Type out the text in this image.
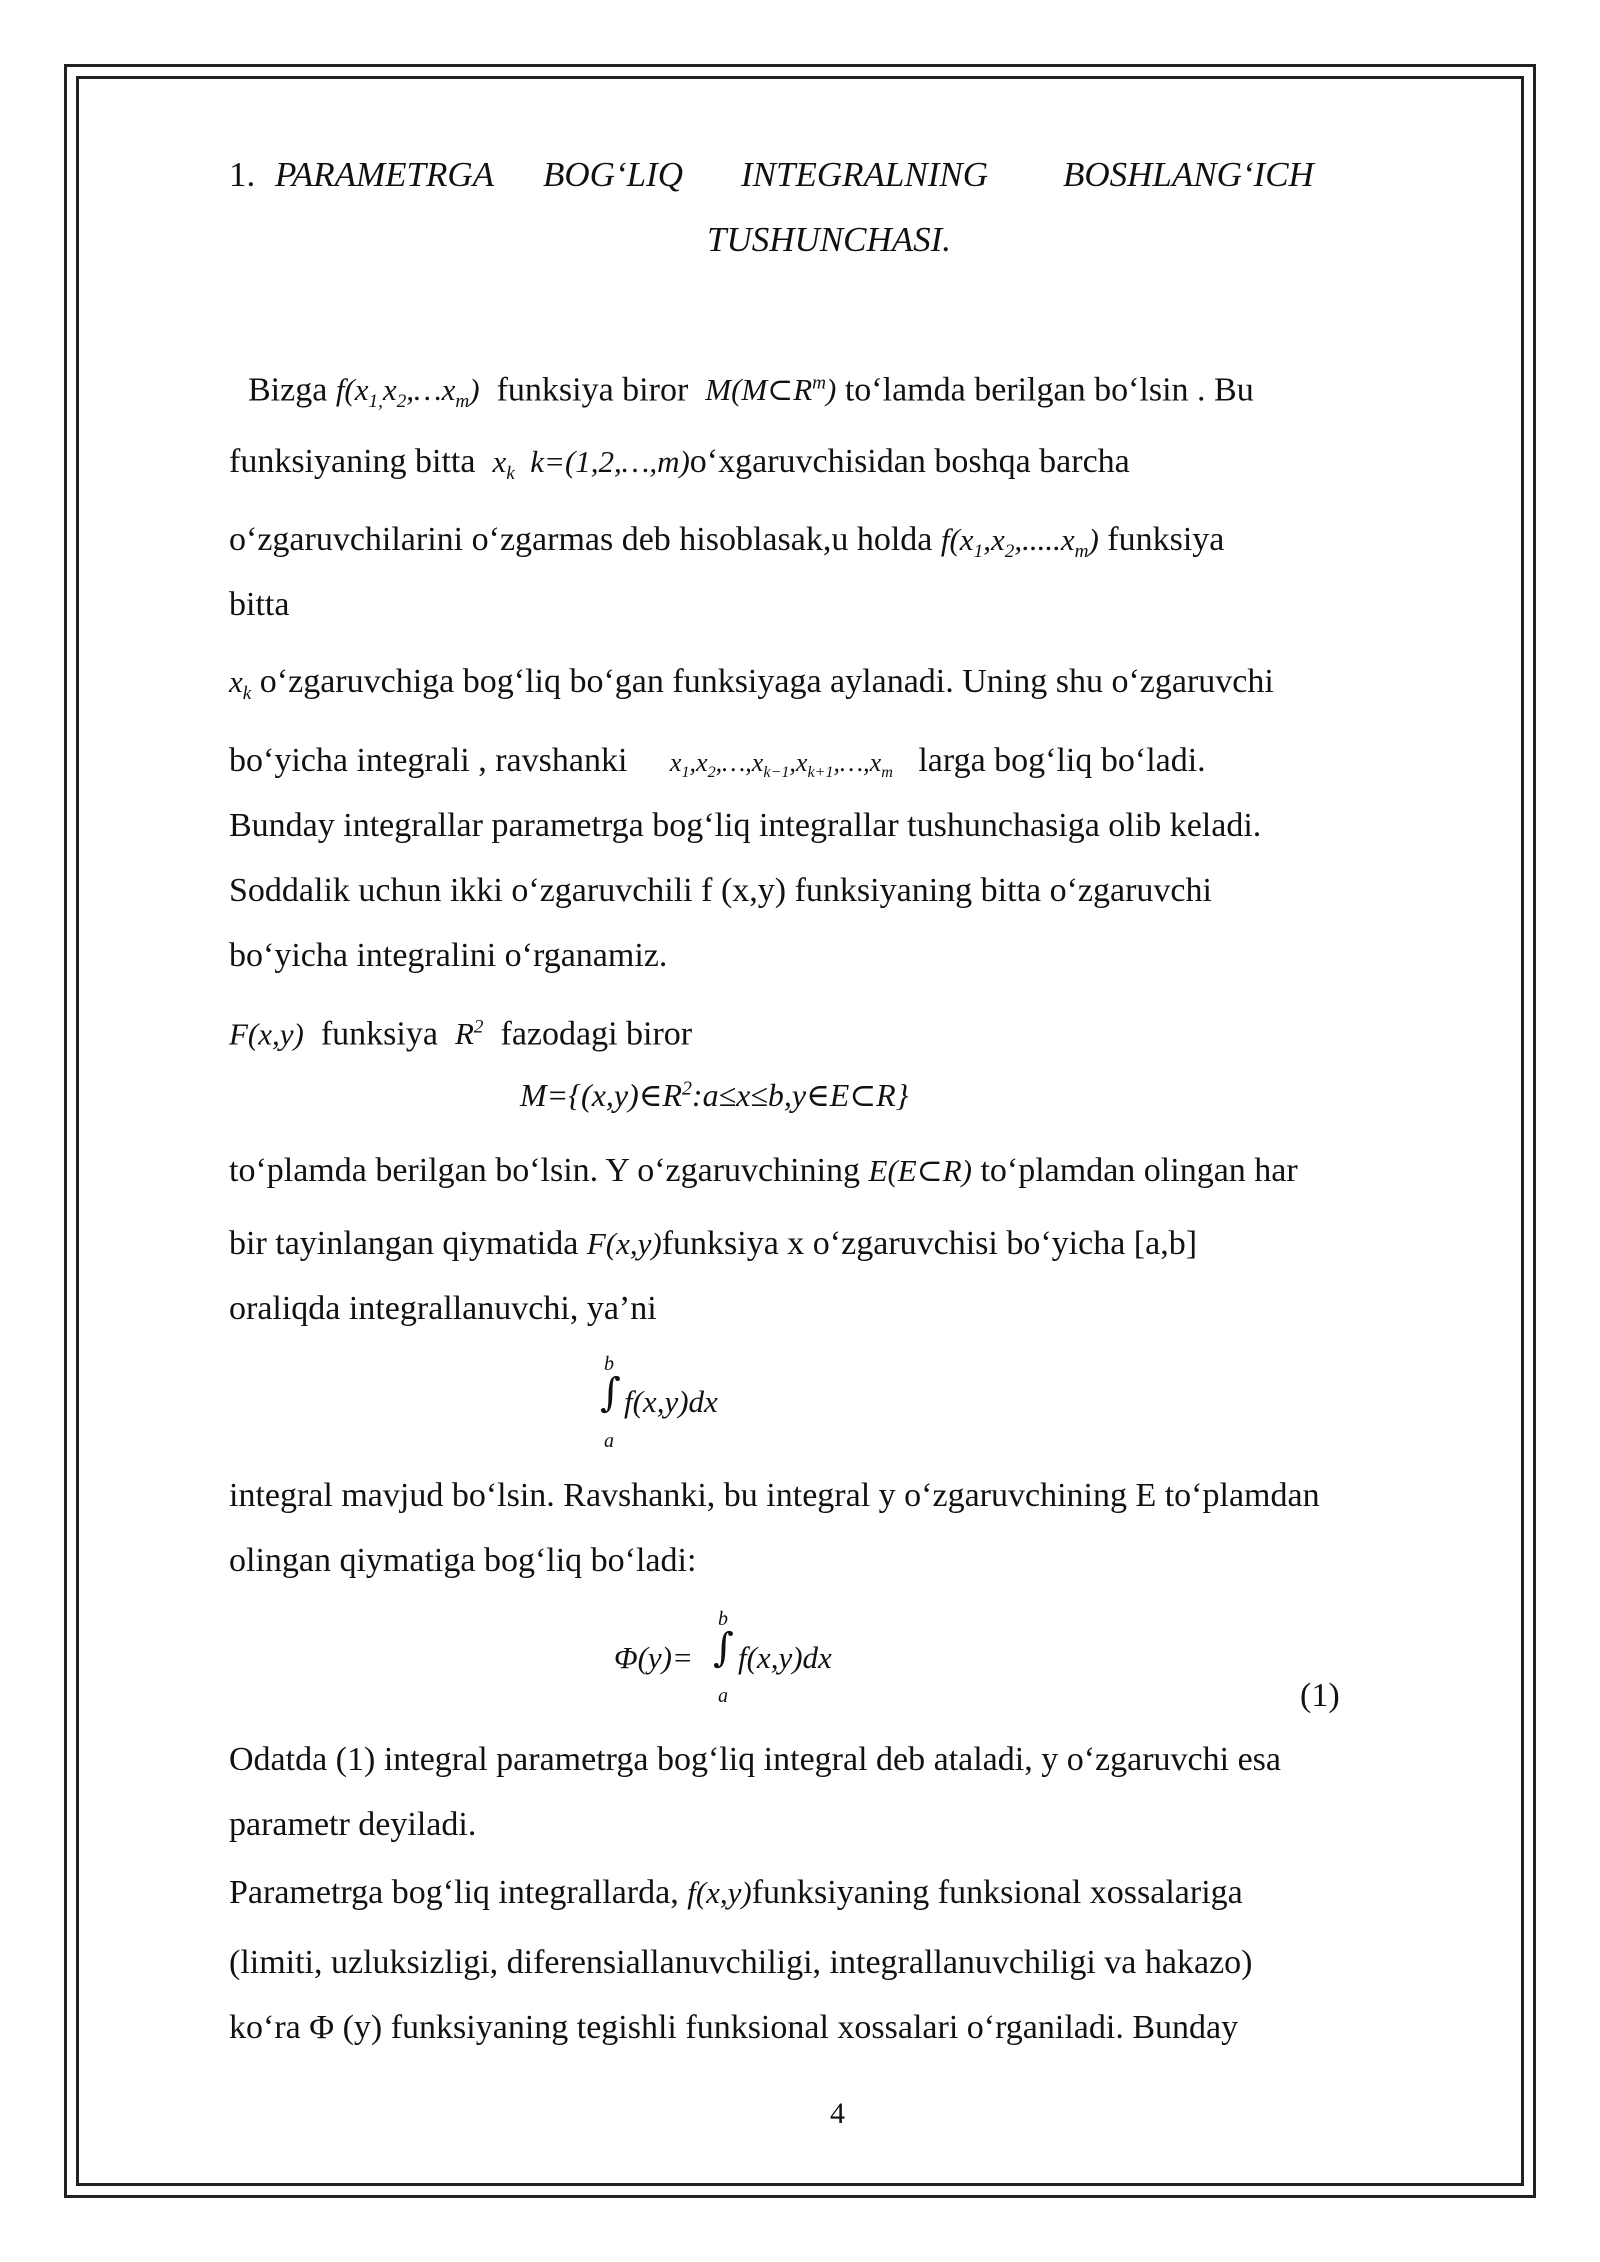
1. PARAMETRGA BOG‘LIQ INTEGRALNING BOSHLANG‘ICH
TUSHUNCHASI.
Bizga $f(x_{1,}x_2,\dots x_m)$ funksiya biror $M(M\subset R^m)$ to‘lamda berilgan bo‘lsin . Bu
funksiyaning bitta $x_k$  k=(1,2,…,m)o‘xgaruvchisidan boshqa barcha
o‘zgaruvchilarini o‘zgarmas deb hisoblasak,u holda $f(x_1,x_2,.....x_m)$ funksiya
bitta
$x_k$ o‘zgaruvchiga bog‘liq bo‘gan funksiyaga aylanadi. Uning shu o‘zgaruvchi
bo‘yicha integrali , ravshanki $x_1,x_2,\dots,x_{k-1},x_{k+1},\dots,x_m$ larga bog‘liq bo‘ladi.
Bunday integrallar parametrga bog‘liq integrallar tushunchasiga olib keladi.
Soddalik uchun ikki o‘zgaruvchili f (x,y) funksiyaning bitta o‘zgaruvchi
bo‘yicha integralini o‘rganamiz.
F(x,y) funksiya $R^2$ fazodagi biror
$M=\{(x,y)\in R^2:a\le x\le b,y\in E\subset R\}$
to‘plamda berilgan bo‘lsin. Y o‘zgaruvchining E(E⊂R) to‘plamdan olingan har
bir tayinlangan qiymatida F(x,y)funksiya x o‘zgaruvchisi bo‘yicha [a,b]
oraliqda integrallanuvchi, ya’ni
b
∫
a
f(x,y)dx
integral mavjud bo‘lsin. Ravshanki, bu integral y o‘zgaruvchining E to‘plamdan
olingan qiymatiga bog‘liq bo‘ladi:
Φ(y)=
b
∫
a
f(x,y)dx
(1)
Odatda (1) integral parametrga bog‘liq integral deb ataladi, y o‘zgaruvchi esa
parametr deyiladi.
Parametrga bog‘liq integrallarda, f(x,y)funksiyaning funksional xossalariga
(limiti, uzluksizligi, diferensiallanuvchiligi, integrallanuvchiligi va hakazo)
ko‘ra Φ (y) funksiyaning tegishli funksional xossalari o‘rganiladi. Bunday
4
